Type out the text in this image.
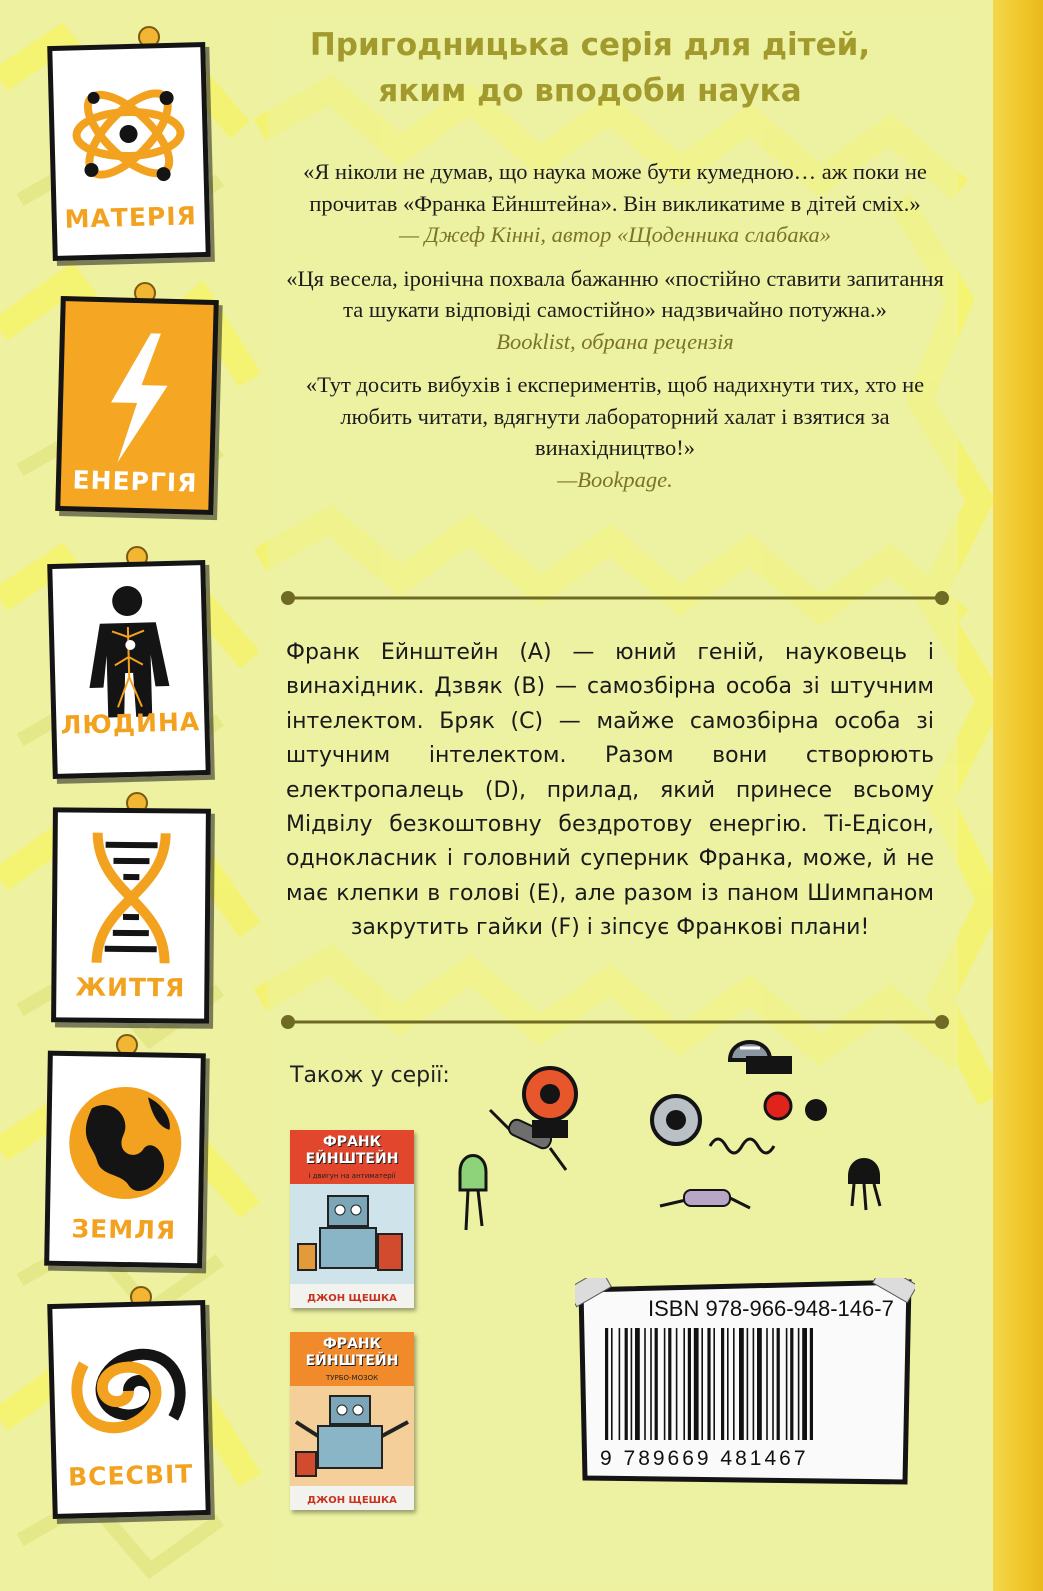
МАТЕРІЯ
ЕНЕРГІЯ
ЛЮДИНА
ЖИТТЯ
ЗЕМЛЯ
ВСЕСВІТ
Пригодницька серія для дітей, яким до вподоби наука
«Я ніколи не думав, що наука може бути кумедною… аж поки не прочитав «Франка Ейнштейна». Він викликатиме в дітей сміх.»
— Джеф Кінні, автор «Щоденника слабака»
«Ця весела, іронічна похвала бажанню «постійно ставити запитання та шукати відповіді самостійно» надзвичайно потужна.»
Booklist, обрана рецензія
«Тут досить вибухів і експериментів, щоб надихнути тих, хто не любить читати, вдягнути лабораторний халат і взятися за винахідництво!»
—Bookpage.
Франк Ейнштейн (A) — юний геній, науковець і винахідник. Дзвяк (B) — самозбірна особа зі штучним інтелектом. Бряк (C) — майже самозбірна особа зі штучним інтелектом. Разом вони створюють електропалець (D), прилад, який принесе всьому Мідвілу безкоштовну бездротову енергію. Ті-Едісон, однокласник і головний суперник Франка, може, й не має клепки в голові (E), але разом із паном Шимпаном закрутить гайки (F) і зіпсує Франкові плани!
Також у серії:
ФРАНК ЕЙНШТЕЙН
і двигун на антиматерії
ДЖОН ЩЕШКА
ФРАНК ЕЙНШТЕЙН
ТУРБО-МОЗОК
ДЖОН ЩЕШКА
ISBN 978-966-948-146-7
9 789669 481467
